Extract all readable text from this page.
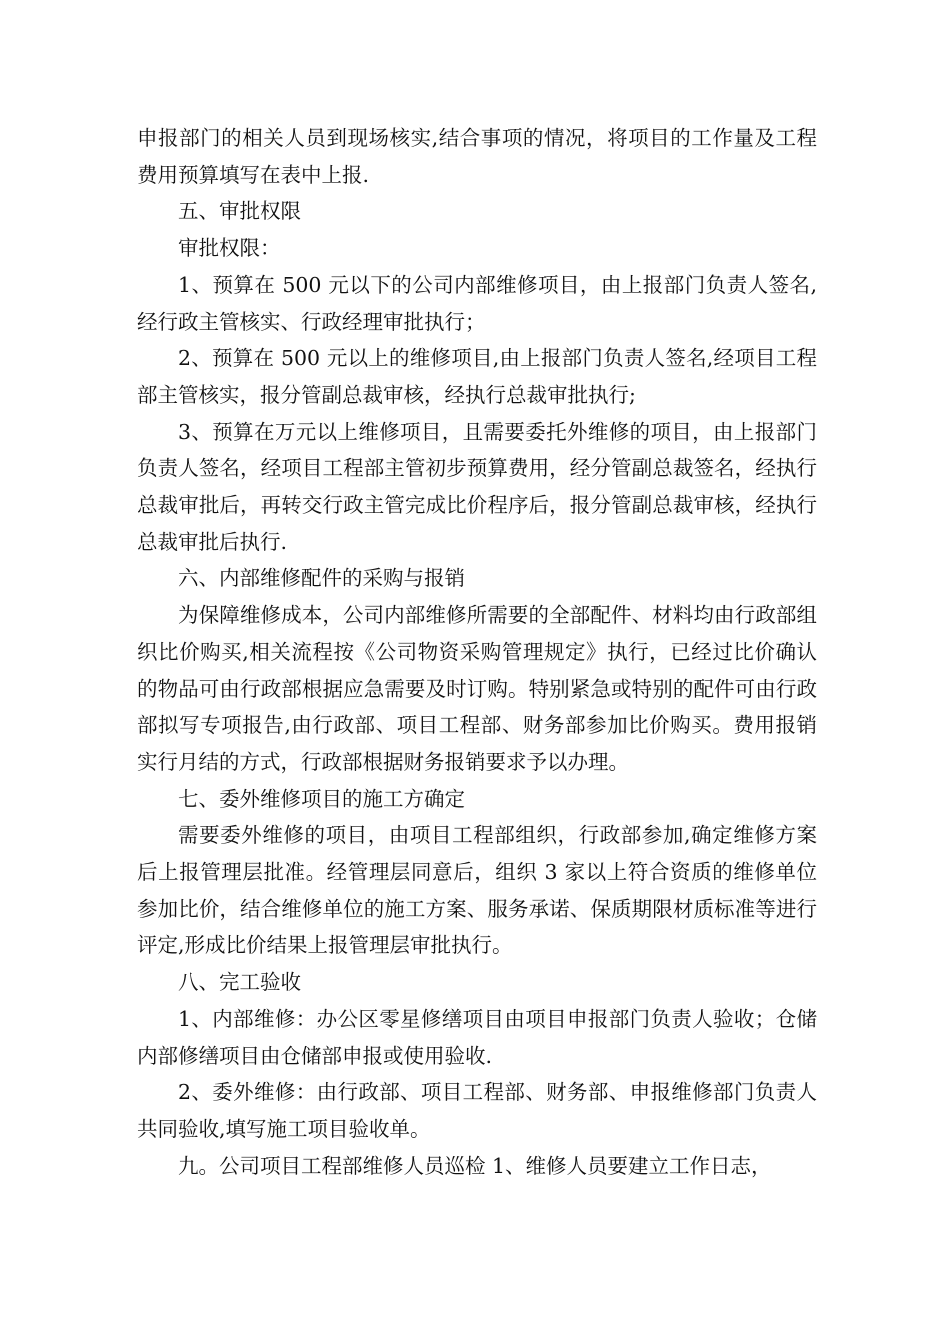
申报部门的相关人员到现场核实,结合事项的情况，将项目的工作量及工程费用预算填写在表中上报.

五、审批权限

审批权限：

1、预算在 500 元以下的公司内部维修项目，由上报部门负责人签名,经行政主管核实、行政经理审批执行；

2、预算在 500 元以上的维修项目,由上报部门负责人签名,经项目工程部主管核实，报分管副总裁审核，经执行总裁审批执行;

3、预算在万元以上维修项目，且需要委托外维修的项目，由上报部门负责人签名，经项目工程部主管初步预算费用，经分管副总裁签名，经执行总裁审批后，再转交行政主管完成比价程序后，报分管副总裁审核，经执行总裁审批后执行.

六、内部维修配件的采购与报销

为保障维修成本，公司内部维修所需要的全部配件、材料均由行政部组织比价购买,相关流程按《公司物资采购管理规定》执行，已经过比价确认的物品可由行政部根据应急需要及时订购。特别紧急或特别的配件可由行政部拟写专项报告,由行政部、项目工程部、财务部参加比价购买。费用报销实行月结的方式，行政部根据财务报销要求予以办理。

七、委外维修项目的施工方确定

需要委外维修的项目，由项目工程部组织，行政部参加,确定维修方案后上报管理层批准。经管理层同意后，组织 3 家以上符合资质的维修单位参加比价，结合维修单位的施工方案、服务承诺、保质期限材质标准等进行评定,形成比价结果上报管理层审批执行。

八、完工验收

1、内部维修：办公区零星修缮项目由项目申报部门负责人验收；仓储内部修缮项目由仓储部申报或使用验收.

2、委外维修：由行政部、项目工程部、财务部、申报维修部门负责人共同验收,填写施工项目验收单。

九。公司项目工程部维修人员巡检 1、维修人员要建立工作日志，
